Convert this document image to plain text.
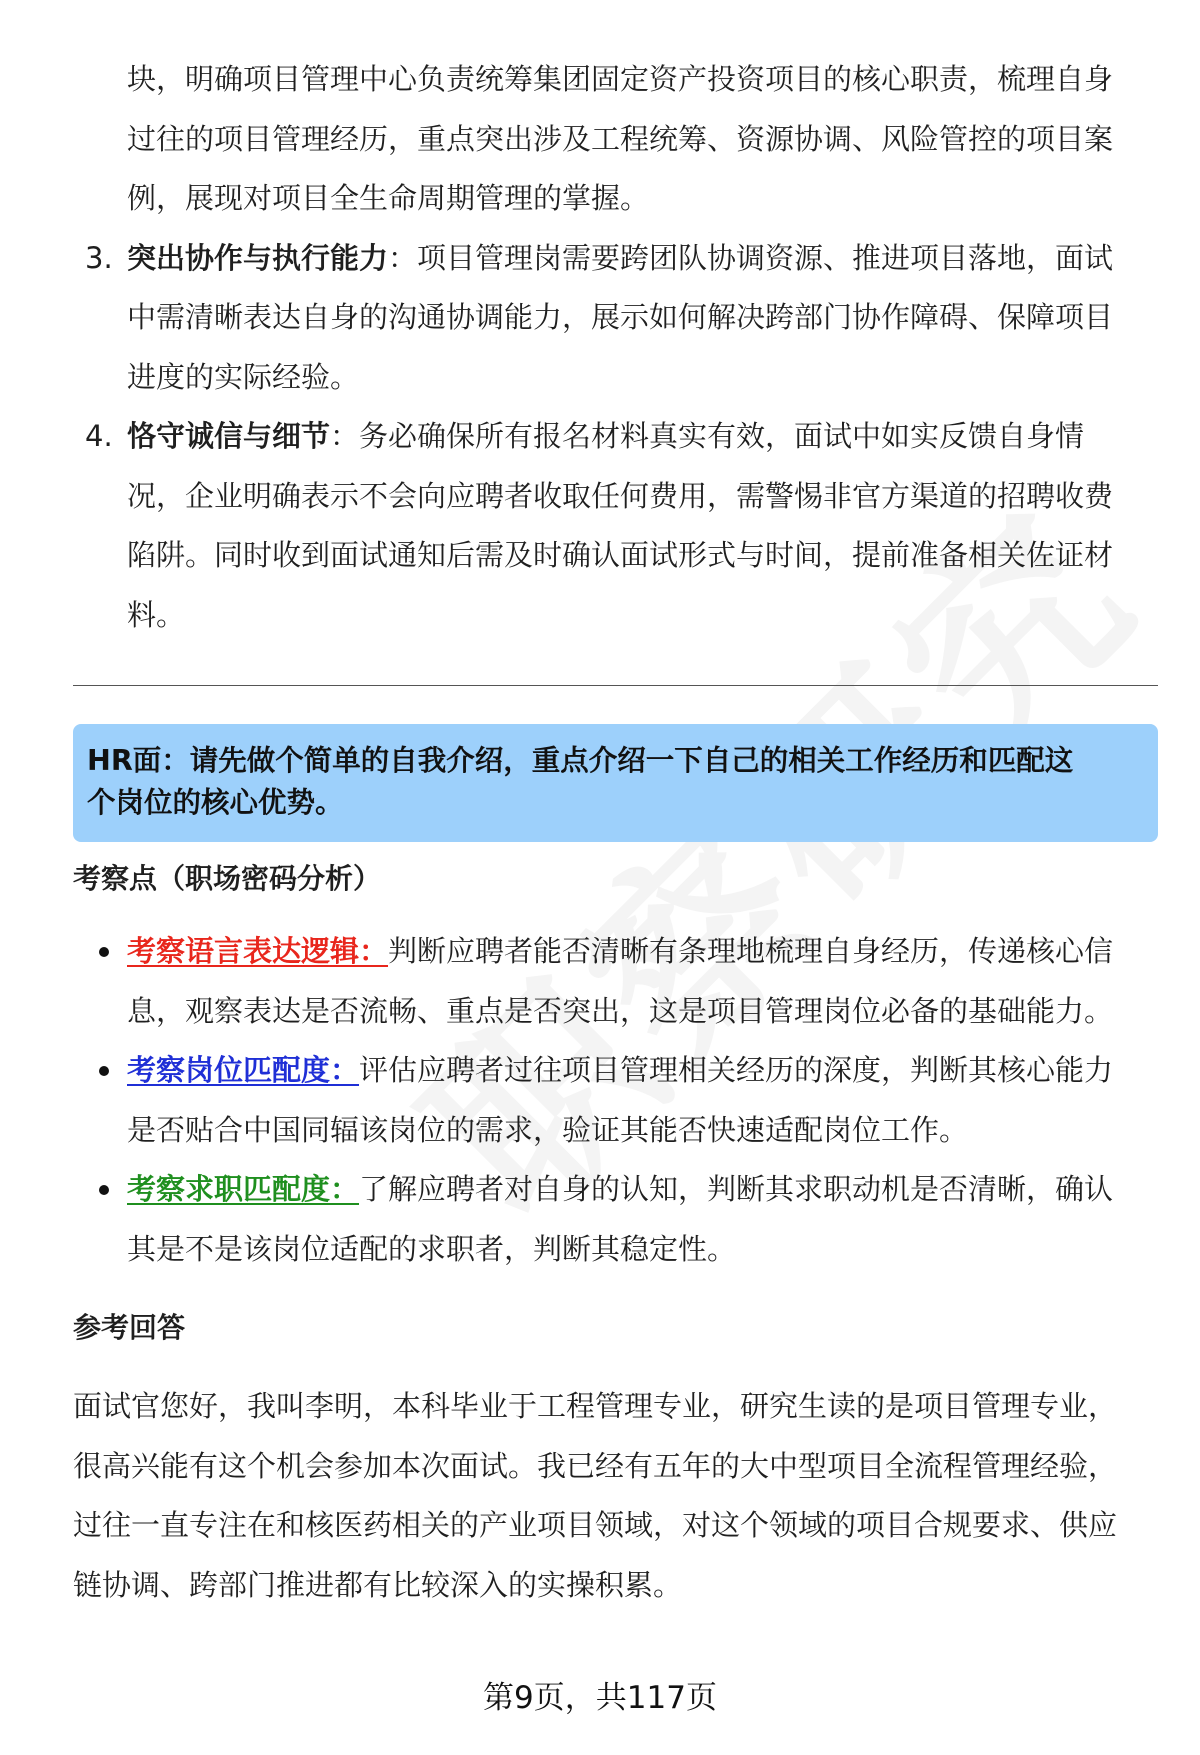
块，明确项目管理中心负责统筹集团固定资产投资项目的核心职责，梳理自身
过往的项目管理经历，重点突出涉及工程统筹、资源协调、风险管控的项目案
例，展现对项目全生命周期管理的掌握。
3. 突出协作与执行能力：项目管理岗需要跨团队协调资源、推进项目落地，面试
中需清晰表达自身的沟通协调能力，展示如何解决跨部门协作障碍、保障项目
进度的实际经验。
4. 恪守诚信与细节：务必确保所有报名材料真实有效，面试中如实反馈自身情
况，企业明确表示不会向应聘者收取任何费用，需警惕非官方渠道的招聘收费
陷阱。同时收到面试通知后需及时确认面试形式与时间，提前准备相关佐证材
料。
HR面：请先做个简单的自我介绍，重点介绍一下自己的相关工作经历和匹配这
个岗位的核心优势。
考察点（职场密码分析）
考察语言表达逻辑：判断应聘者能否清晰有条理地梳理自身经历，传递核心信
息，观察表达是否流畅、重点是否突出，这是项目管理岗位必备的基础能力。
考察岗位匹配度：评估应聘者过往项目管理相关经历的深度，判断其核心能力
是否贴合中国同辐该岗位的需求，验证其能否快速适配岗位工作。
考察求职匹配度：了解应聘者对自身的认知，判断其求职动机是否清晰，确认
其是不是该岗位适配的求职者，判断其稳定性。
参考回答
面试官您好，我叫李明，本科毕业于工程管理专业，研究生读的是项目管理专业，
很高兴能有这个机会参加本次面试。我已经有五年的大中型项目全流程管理经验，
过往一直专注在和核医药相关的产业项目领域，对这个领域的项目合规要求、供应
链协调、跨部门推进都有比较深入的实操积累。
第9页，共117页
